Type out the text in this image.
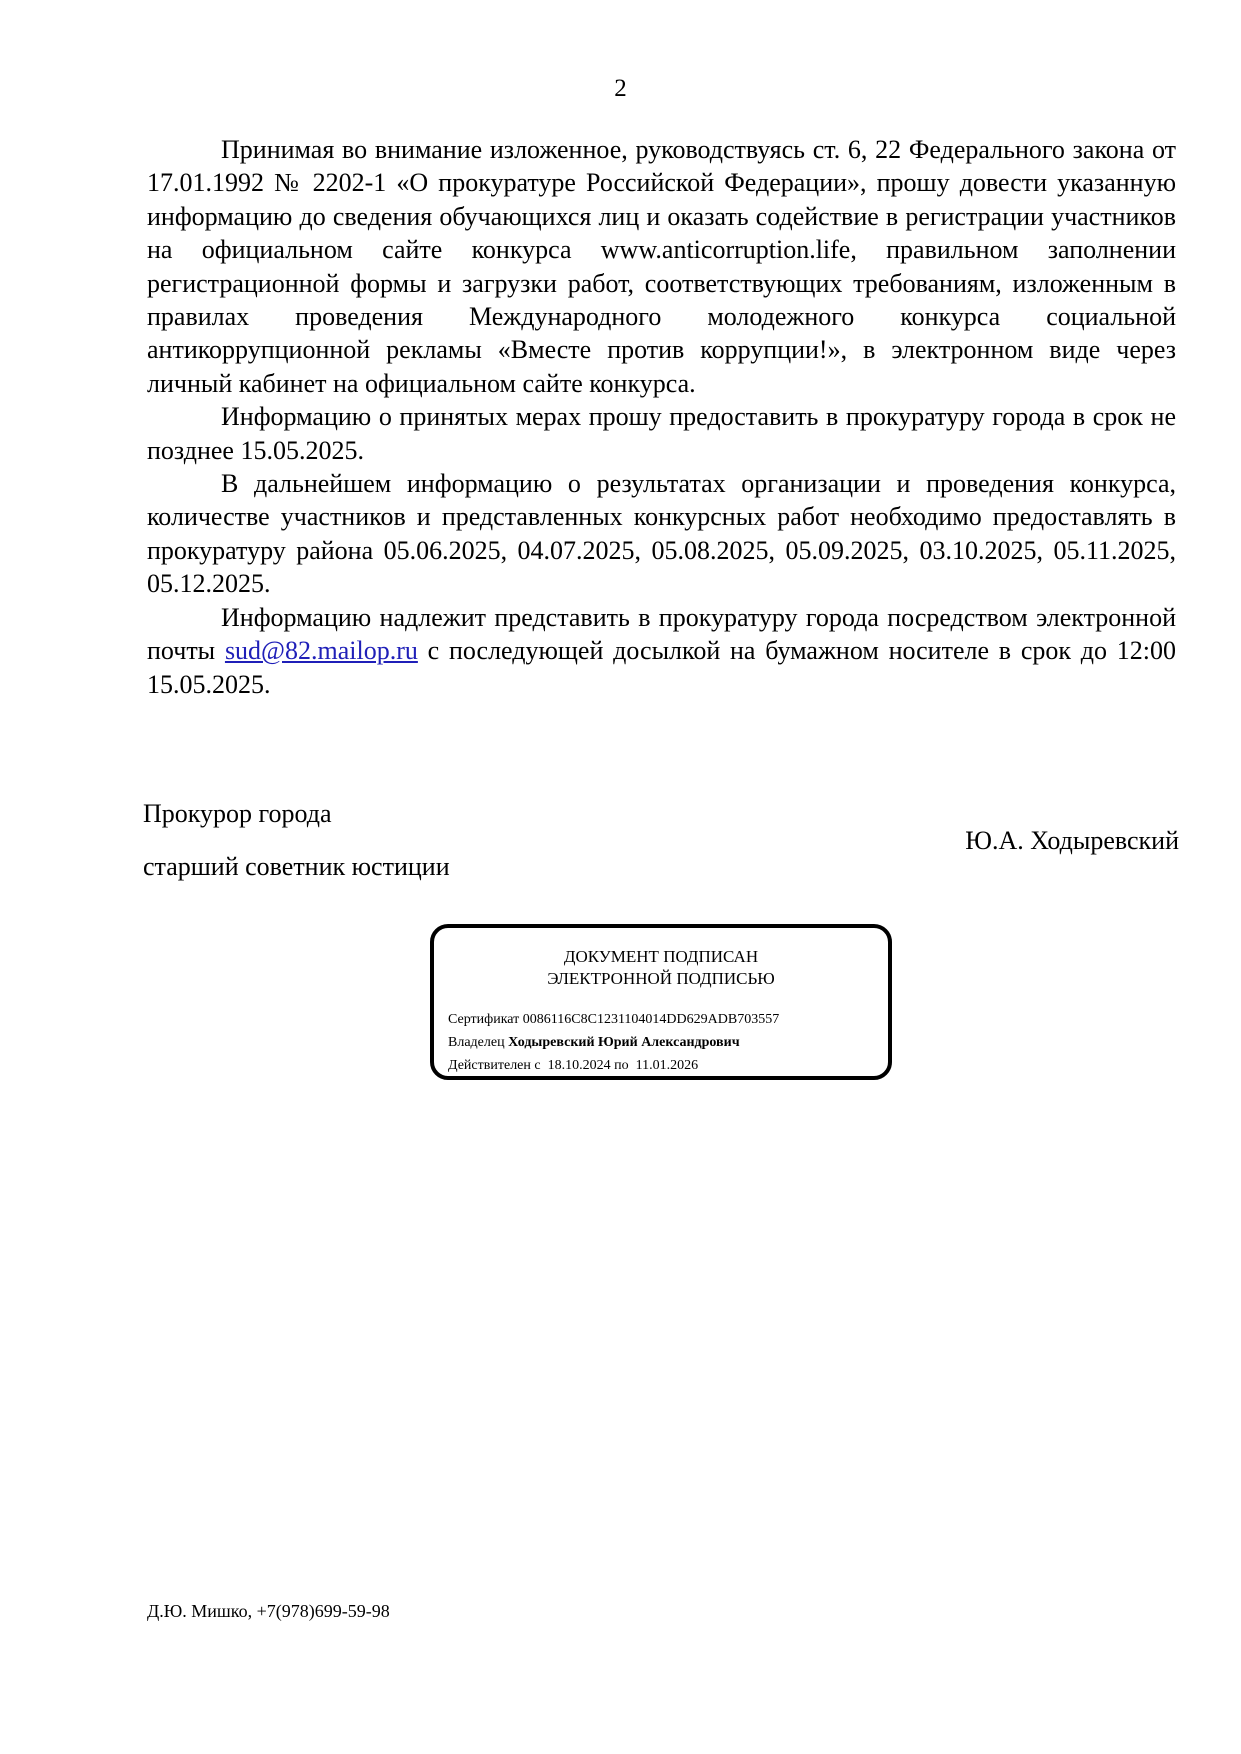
2

Принимая во внимание изложенное, руководствуясь ст. 6, 22 Федерального закона от 17.01.1992 № 2202-1 «О прокуратуре Российской Федерации», прошу довести указанную информацию до сведения обучающихся лиц и оказать содействие в регистрации участников на официальном сайте конкурса www.anticorruption.life, правильном заполнении регистрационной формы и загрузки работ, соответствующих требованиям, изложенным в правилах проведения Международного молодежного конкурса социальной антикоррупционной рекламы «Вместе против коррупции!», в электронном виде через личный кабинет на официальном сайте конкурса.

Информацию о принятых мерах прошу предоставить в прокуратуру города в срок не позднее 15.05.2025.

В дальнейшем информацию о результатах организации и проведения конкурса, количестве участников и представленных конкурсных работ необходимо предоставлять в прокуратуру района 05.06.2025, 04.07.2025, 05.08.2025, 05.09.2025, 03.10.2025, 05.11.2025, 05.12.2025.

Информацию надлежит представить в прокуратуру города посредством электронной почты sud@82.mailop.ru с последующей досылкой на бумажном носителе в срок до 12:00 15.05.2025.

Прокурор города
старший советник юстиции
Ю.А. Ходыревский
ДОКУМЕНТ ПОДПИСАН
ЭЛЕКТРОННОЙ ПОДПИСЬЮ
Сертификат 0086116C8C1231104014DD629ADB703557
Владелец Ходыревский Юрий Александрович
Действителен с 18.10.2024 по 11.01.2026
Д.Ю. Мишко, +7(978)699-59-98
